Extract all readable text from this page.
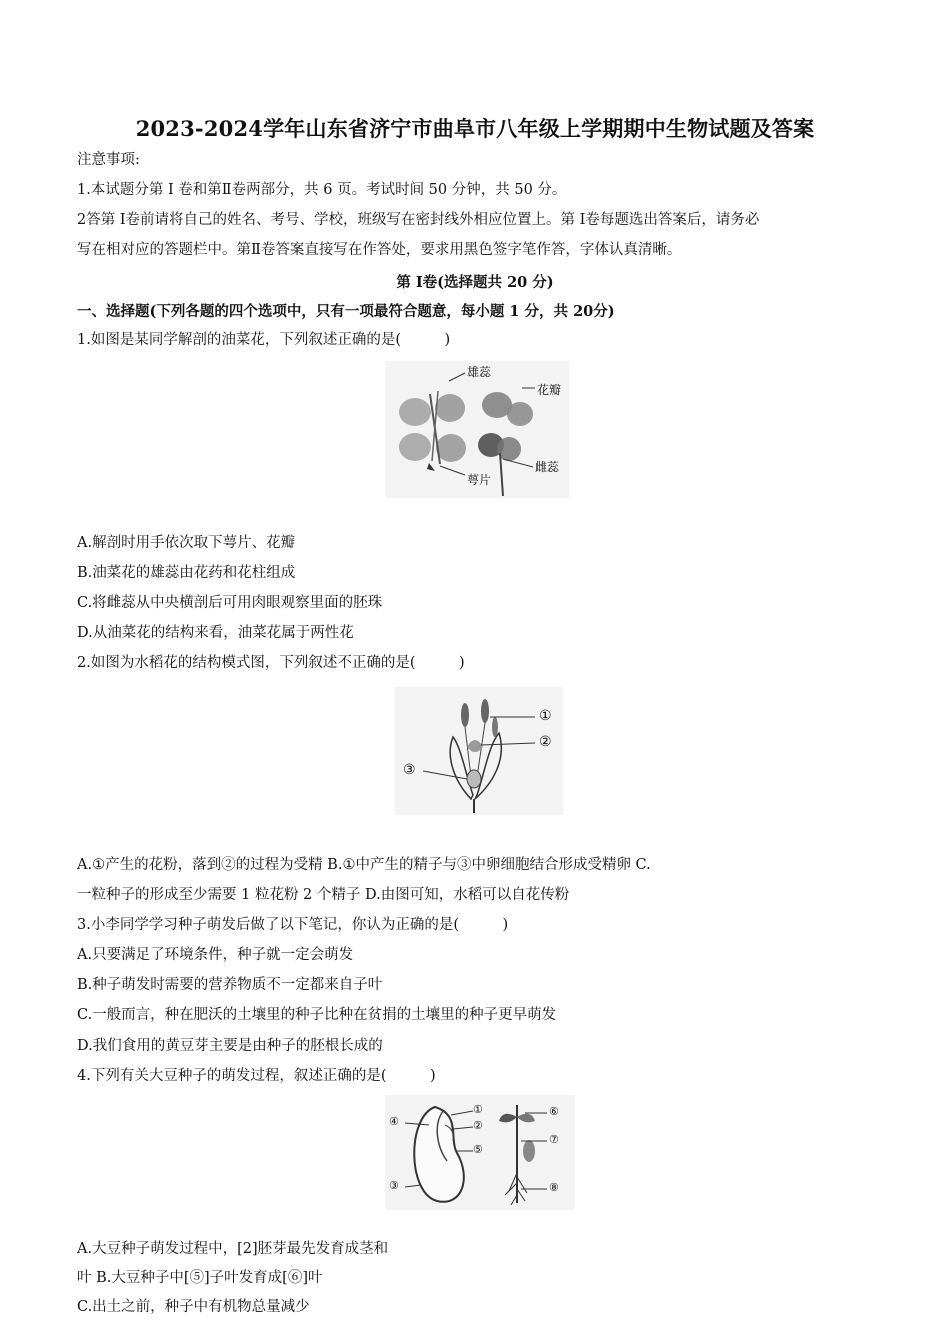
2023-2024学年山东省济宁市曲阜市八年级上学期期中生物试题及答案
注意事项:
1.本试题分第 Ⅰ 卷和第Ⅱ卷两部分，共 6 页。考试时间 50 分钟，共 50 分。
2答第 I卷前请将自己的姓名、考号、学校，班级写在密封线外相应位置上。第 I卷每题选出答案后，请务必
写在相对应的答题栏中。第Ⅱ卷答案直接写在作答处，要求用黑色签字笔作答，字体认真清晰。
第 I卷(选择题共 20 分)
一、选择题(下列各题的四个选项中，只有一项最符合题意，每小题 1 分，共 20分)
1.如图是某同学解剖的油菜花，下列叙述正确的是(　　　)
雄蕊
花瓣
雌蕊
萼片
A.解剖时用手依次取下萼片、花瓣
B.油菜花的雄蕊由花药和花柱组成
C.将雌蕊从中央横剖后可用肉眼观察里面的胚珠
D.从油菜花的结构来看，油菜花属于两性花
2.如图为水稻花的结构模式图，下列叙述不正确的是(　　　)
①
②
③
A.①产生的花粉，落到②的过程为受精 B.①中产生的精子与③中卵细胞结合形成受精卵 C.
一粒种子的形成至少需要 1 粒花粉 2 个精子 D.由图可知，水稻可以自花传粉
3.小李同学学习种子萌发后做了以下笔记，你认为正确的是(　　　)
A.只要满足了环境条件，种子就一定会萌发
B.种子萌发时需要的营养物质不一定都来自子叶
C.一般而言，种在肥沃的土壤里的种子比种在贫捐的土壤里的种子更早萌发
D.我们食用的黄豆芽主要是由种子的胚根长成的
4.下列有关大豆种子的萌发过程，叙述正确的是(　　　)
①
②
③
④
⑤
⑥
⑦
⑧
A.大豆种子萌发过程中，[2]胚芽最先发育成茎和
叶 B.大豆种子中[⑤]子叶发育成[⑥]叶
C.出土之前，种子中有机物总量减少
